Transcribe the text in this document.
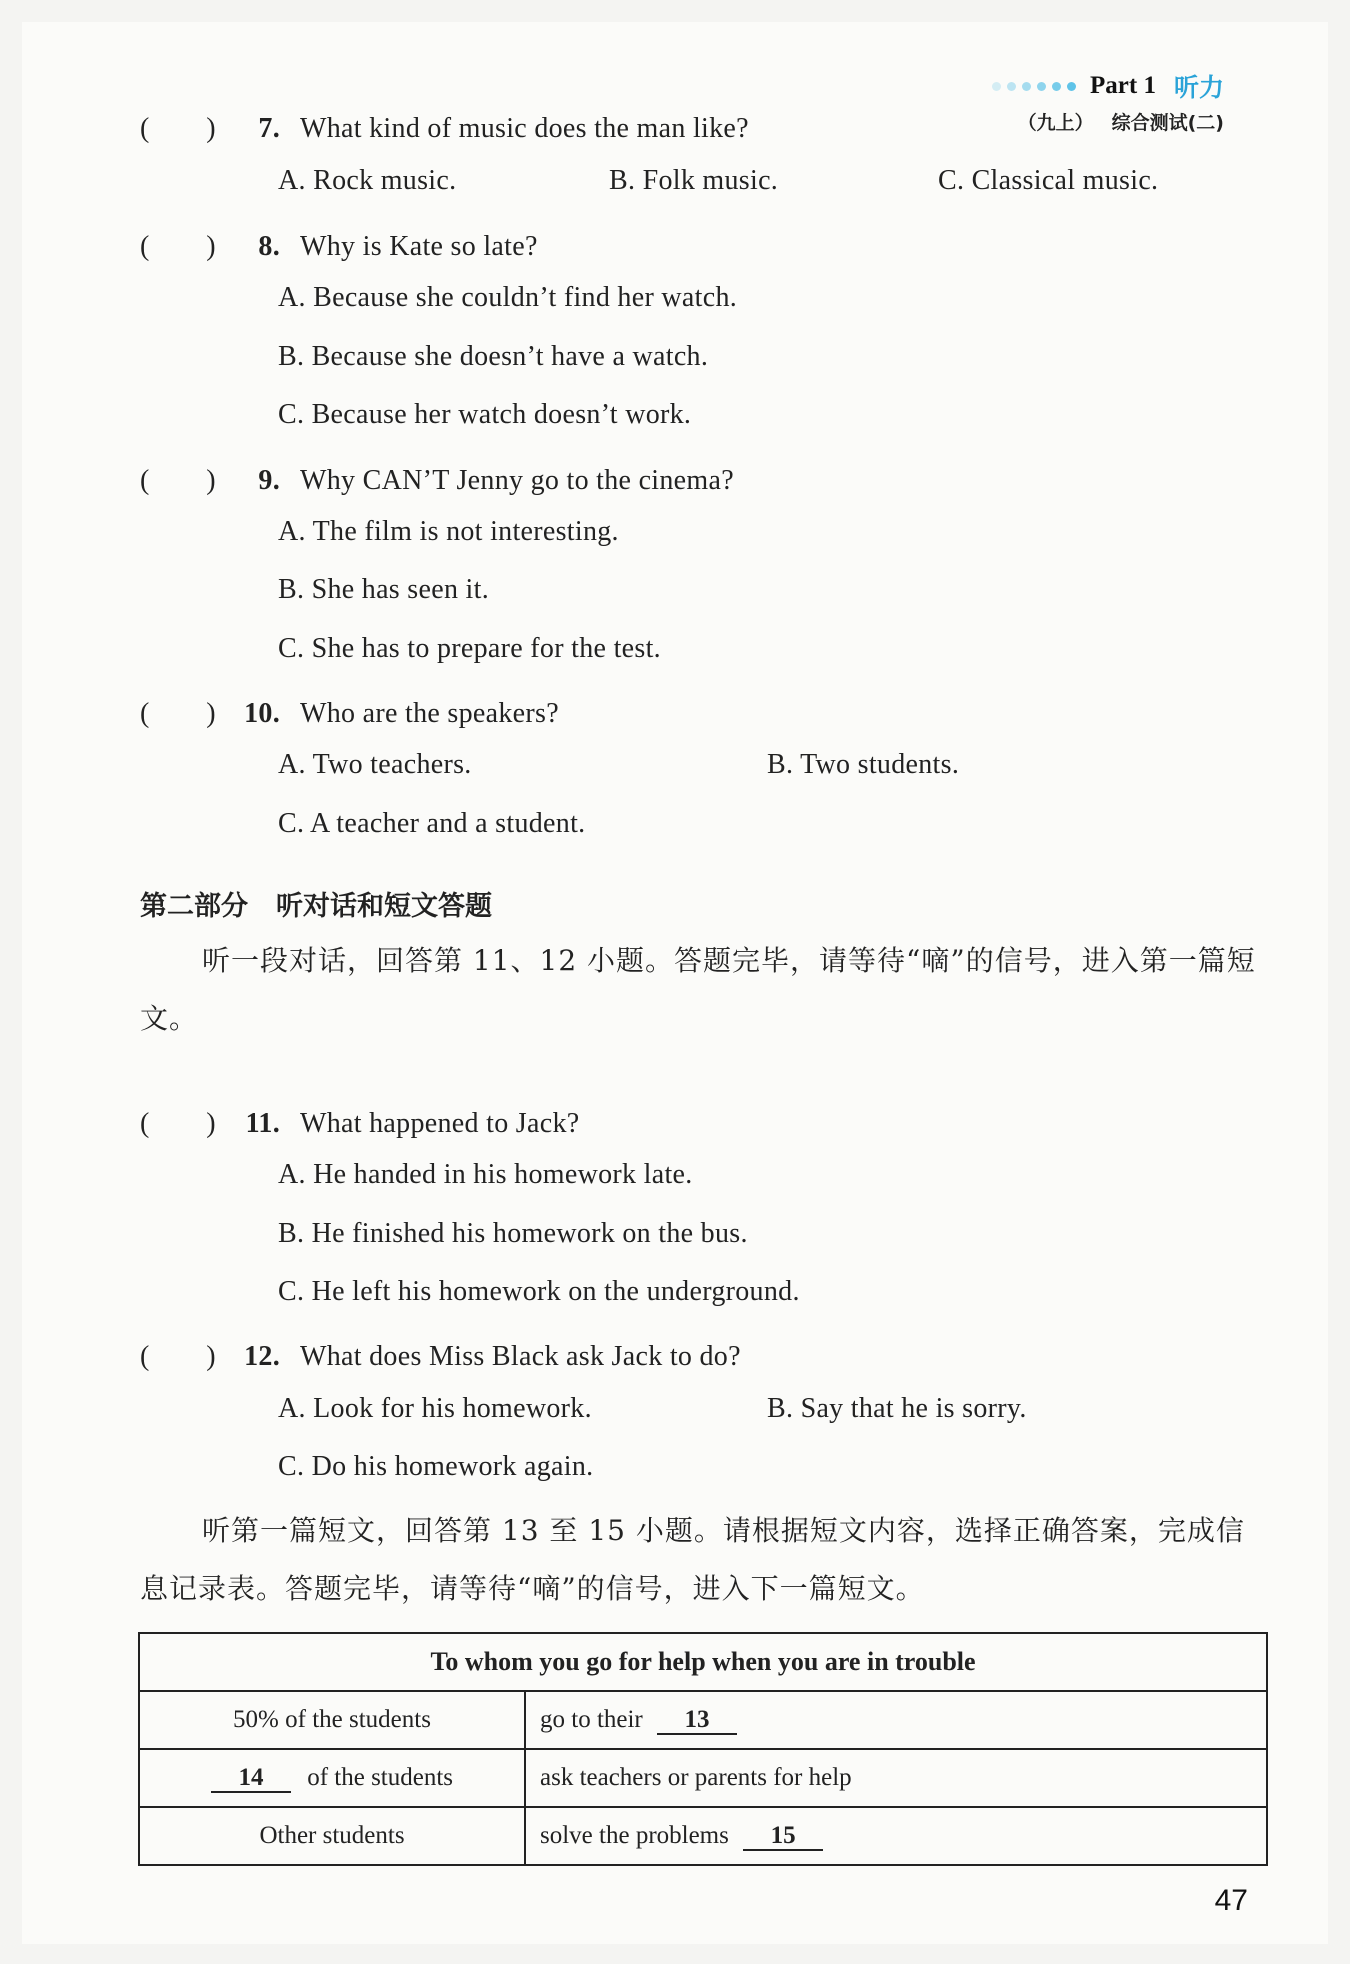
Part 1 听力
（九上） 综合测试(二)
(　　) 7. What kind of music does the man like?
A. Rock music.	B. Folk music.	C. Classical music.
(　　) 8. Why is Kate so late?
A. Because she couldn’t find her watch.
B. Because she doesn’t have a watch.
C. Because her watch doesn’t work.
(　　) 9. Why CAN’T Jenny go to the cinema?
A. The film is not interesting.
B. She has seen it.
C. She has to prepare for the test.
(　　) 10. Who are the speakers?
A. Two teachers.	B. Two students.
C. A teacher and a student.
第二部分 听对话和短文答题
听一段对话，回答第 11、12 小题。答题完毕，请等待“嘀”的信号，进入第一篇短文。
(　　) 11. What happened to Jack?
A. He handed in his homework late.
B. He finished his homework on the bus.
C. He left his homework on the underground.
(　　) 12. What does Miss Black ask Jack to do?
A. Look for his homework.	B. Say that he is sorry.
C. Do his homework again.
听第一篇短文，回答第 13 至 15 小题。请根据短文内容，选择正确答案，完成信息记录表。答题完毕，请等待“嘀”的信号，进入下一篇短文。
To whom you go for help when you are in trouble	
50% of the students	go to their 13
14 of the students	ask teachers or parents for help
Other students	solve the problems 15
47
